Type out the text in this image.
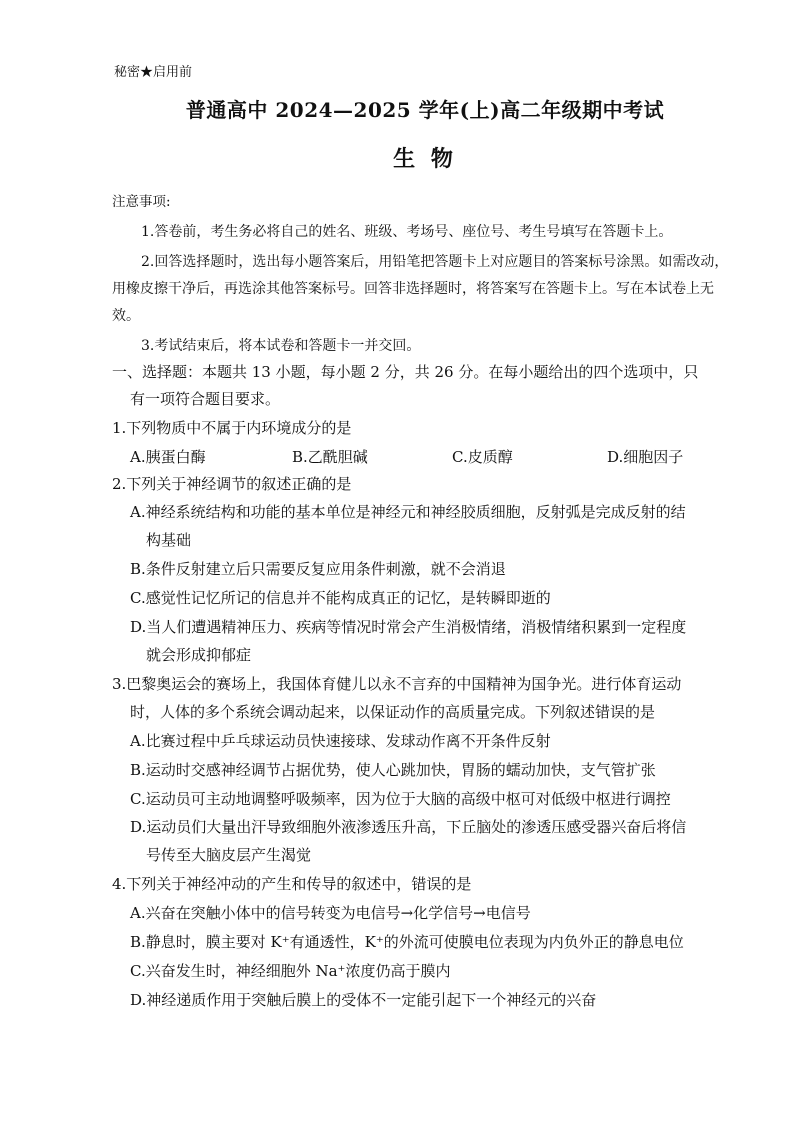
秘密★启用前
普通高中 2024—2025 学年(上)高二年级期中考试
生 物
注意事项:
1.答卷前，考生务必将自己的姓名、班级、考场号、座位号、考生号填写在答题卡上。
2.回答选择题时，选出每小题答案后，用铅笔把答题卡上对应题目的答案标号涂黑。如需改动，
用橡皮擦干净后，再选涂其他答案标号。回答非选择题时，将答案写在答题卡上。写在本试卷上无
效。
3.考试结束后，将本试卷和答题卡一并交回。
一、选择题：本题共 13 小题，每小题 2 分，共 26 分。在每小题给出的四个选项中，只
有一项符合题目要求。
1.下列物质中不属于内环境成分的是
A.胰蛋白酶	B.乙酰胆碱	C.皮质醇	D.细胞因子
2.下列关于神经调节的叙述正确的是
A.神经系统结构和功能的基本单位是神经元和神经胶质细胞，反射弧是完成反射的结
构基础
B.条件反射建立后只需要反复应用条件刺激，就不会消退
C.感觉性记忆所记的信息并不能构成真正的记忆，是转瞬即逝的
D.当人们遭遇精神压力、疾病等情况时常会产生消极情绪，消极情绪积累到一定程度
就会形成抑郁症
3.巴黎奥运会的赛场上，我国体育健儿以永不言弃的中国精神为国争光。进行体育运动
时，人体的多个系统会调动起来，以保证动作的高质量完成。下列叙述错误的是
A.比赛过程中乒乓球运动员快速接球、发球动作离不开条件反射
B.运动时交感神经调节占据优势，使人心跳加快，胃肠的蠕动加快，支气管扩张
C.运动员可主动地调整呼吸频率，因为位于大脑的高级中枢可对低级中枢进行调控
D.运动员们大量出汗导致细胞外液渗透压升高，下丘脑处的渗透压感受器兴奋后将信
号传至大脑皮层产生渴觉
4.下列关于神经冲动的产生和传导的叙述中，错误的是
A.兴奋在突触小体中的信号转变为电信号→化学信号→电信号
B.静息时，膜主要对 K⁺有通透性，K⁺的外流可使膜电位表现为内负外正的静息电位
C.兴奋发生时，神经细胞外 Na⁺浓度仍高于膜内
D.神经递质作用于突触后膜上的受体不一定能引起下一个神经元的兴奋
